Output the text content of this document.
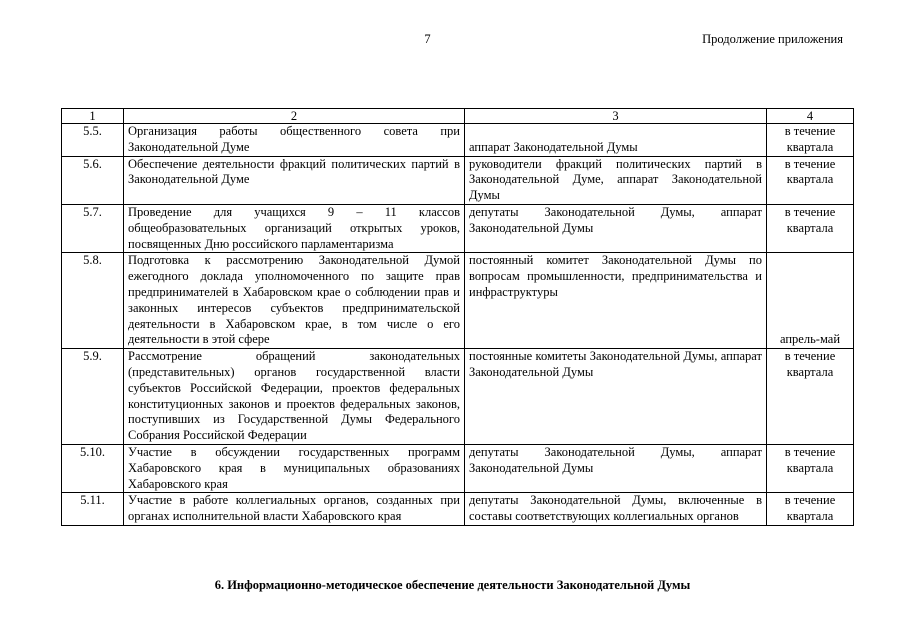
7	Продолжение приложения
1	2	3	4
5.5.	Организация работы общественного совета при Законодательной Думе	аппарат Законодательной Думы	в течение квартала
5.6.	Обеспечение деятельности фракций политических партий в Законодательной Думе	руководители фракций политических партий в Законодательной Думе, аппарат Законодательной Думы	в течение квартала
5.7.	Проведение для учащихся 9 – 11 классов общеобразовательных организаций открытых уроков, посвященных Дню российского парламентаризма	депутаты Законодательной Думы, аппарат Законодательной Думы	в течение квартала
5.8.	Подготовка к рассмотрению Законодательной Думой ежегодного доклада уполномоченного по защите прав предпринимателей в Хабаровском крае о соблюдении прав и законных интересов субъектов предпринимательской деятельности в Хабаровском крае, в том числе о его деятельности в этой сфере	постоянный комитет Законодательной Думы по вопросам промышленности, предпринимательства и инфраструктуры	апрель-май
5.9.	Рассмотрение обращений законодательных (представительных) органов государственной власти субъектов Российской Федерации, проектов федеральных конституционных законов и проектов федеральных законов, поступивших из Государственной Думы Федерального Собрания Российской Федерации	постоянные комитеты Законодательной Думы, аппарат Законодательной Думы	в течение квартала
5.10.	Участие в обсуждении государственных программ Хабаровского края в муниципальных образованиях Хабаровского края	депутаты Законодательной Думы, аппарат Законодательной Думы	в течение квартала
5.11.	Участие в работе коллегиальных органов, созданных при органах исполнительной власти Хабаровского края	депутаты Законодательной Думы, включенные в составы соответствующих коллегиальных органов	в течение квартала
6. Информационно-методическое обеспечение деятельности Законодательной Думы
